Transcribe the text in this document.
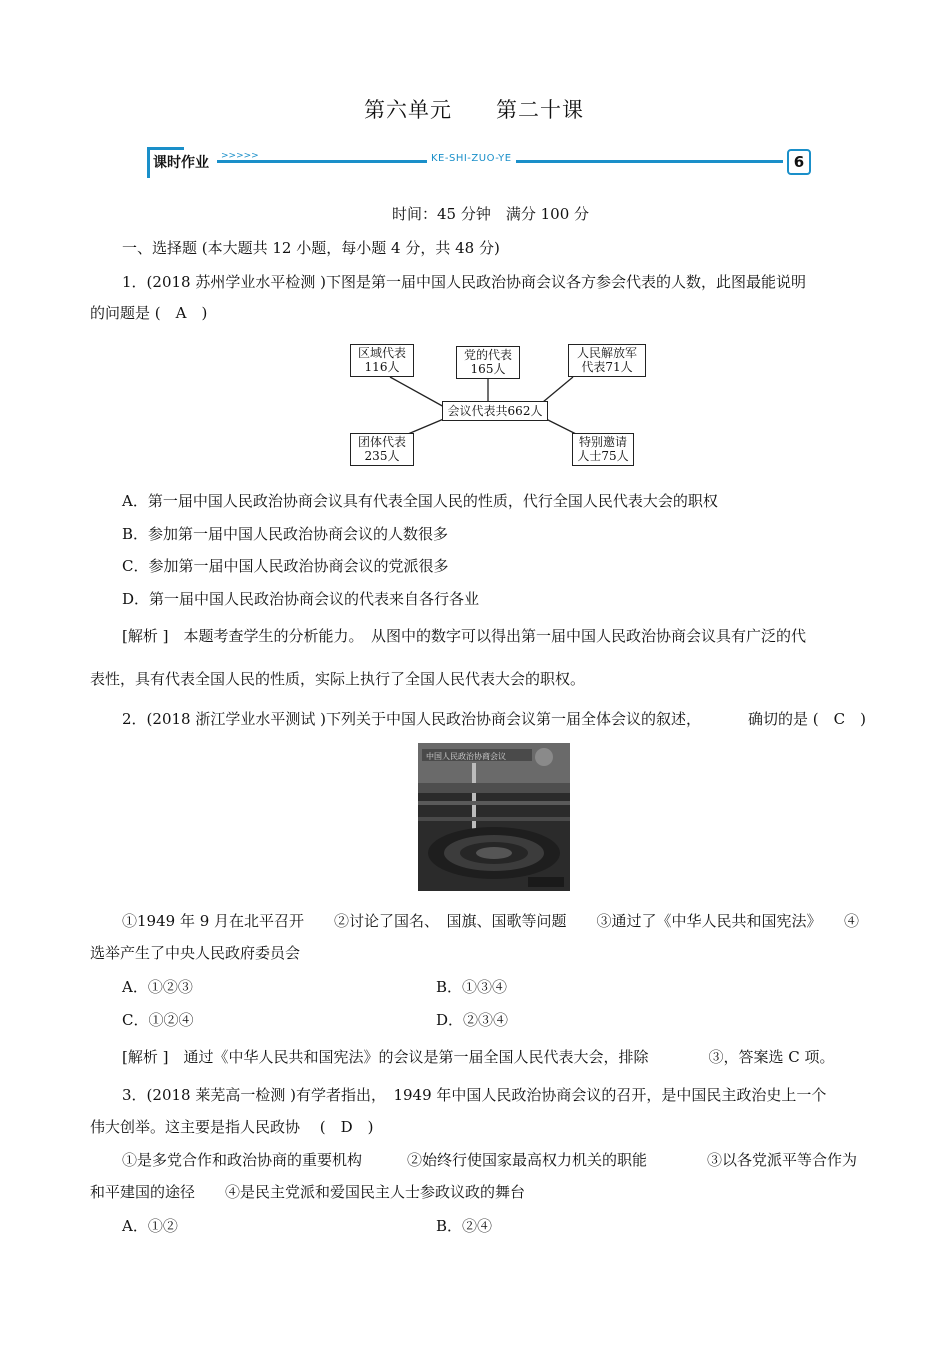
第六单元　　第二十课
课时作业 >>>>>	KE-SHI-ZUO-YE	6
时间：45 分钟　满分 100 分
一、选择题 (本大题共 12 小题，每小题 4 分，共 48 分)
1．(2018 苏州学业水平检测 )下图是第一届中国人民政治协商会议各方参会代表的人数，此图最能说明
的问题是 (　A　)
区域代表
116人
党的代表
165人
人民解放军
代表71人
会议代表共662人
团体代表
235人
特别邀请
人士75人
A．第一届中国人民政治协商会议具有代表全国人民的性质，代行全国人民代表大会的职权
B．参加第一届中国人民政治协商会议的人数很多
C．参加第一届中国人民政治协商会议的党派很多
D．第一届中国人民政治协商会议的代表来自各行各业
[解析 ]　本题考查学生的分析能力。　从图中的数字可以得出第一届中国人民政治协商会议具有广泛的代
表性，具有代表全国人民的性质，实际上执行了全国人民代表大会的职权。
2．(2018 浙江学业水平测试 )下列关于中国人民政治协商会议第一届全体会议的叙述，	确切的是 (　C　)
中国人民政治协商会议
①1949 年 9 月在北平召开　　②讨论了国名、　国旗、国歌等问题　　③通过了《中华人民共和国宪法》　　④
选举产生了中央人民政府委员会
A．①②③	B．①③④
C．①②④	D．②③④
[解析 ]　通过《中华人民共和国宪法》的会议是第一届全国人民代表大会，排除　　　　③，答案选 C 项。
3．(2018 莱芜高一检测 )有学者指出，　1949 年中国人民政治协商会议的召开，是中国民主政治史上一个
伟大创举。这主要是指人民政协　 (　D　)
①是多党合作和政治协商的重要机构　　　②始终行使国家最高权力机关的职能　　　　③以各党派平等合作为
和平建国的途径　　④是民主党派和爱国民主人士参政议政的舞台
A．①②	B．②④
